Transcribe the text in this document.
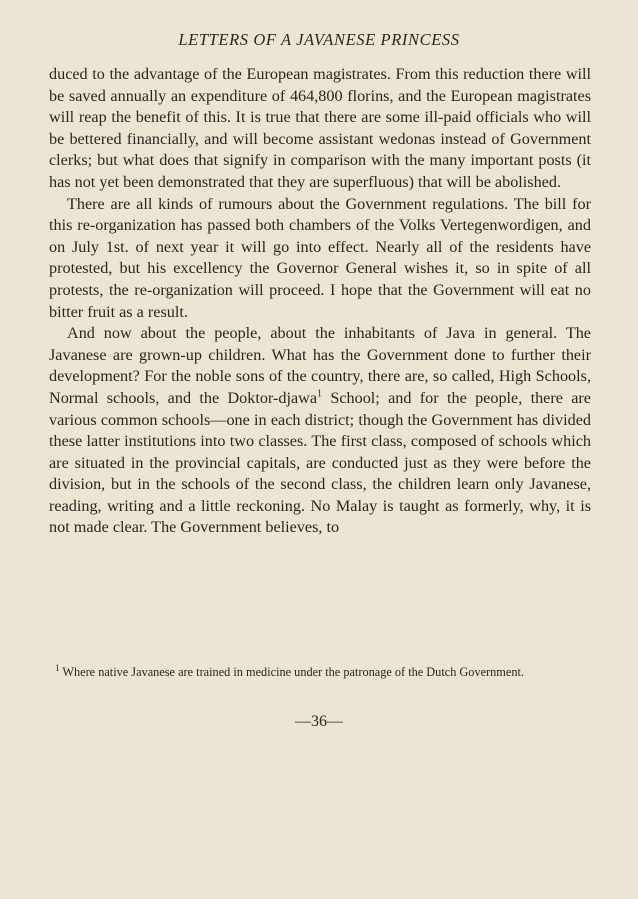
LETTERS OF A JAVANESE PRINCESS

duced to the advantage of the European magistrates. From this reduction there will be saved annually an expenditure of 464,800 florins, and the European magistrates will reap the benefit of this. It is true that there are some ill-paid officials who will be bettered financially, and will become assistant wedonas instead of Government clerks; but what does that signify in comparison with the many important posts (it has not yet been demonstrated that they are superfluous) that will be abolished.

There are all kinds of rumours about the Government regulations. The bill for this re-organization has passed both chambers of the Volks Vertegenwordigen, and on July 1st. of next year it will go into effect. Nearly all of the residents have protested, but his excellency the Governor General wishes it, so in spite of all protests, the re-organization will proceed. I hope that the Government will eat no bitter fruit as a result.

And now about the people, about the inhabitants of Java in general. The Javanese are grown-up children. What has the Government done to further their development? For the noble sons of the country, there are, so called, High Schools, Normal schools, and the Doktor-djawa$^1$ School; and for the people, there are various common schools—one in each district; though the Government has divided these latter institutions into two classes. The first class, composed of schools which are situated in the provincial capitals, are conducted just as they were before the division, but in the schools of the second class, the children learn only Javanese, reading, writing and a little reckoning. No Malay is taught as formerly, why, it is not made clear. The Government believes, to

$^1$ Where native Javanese are trained in medicine under the patronage of the Dutch Government.
—36—
